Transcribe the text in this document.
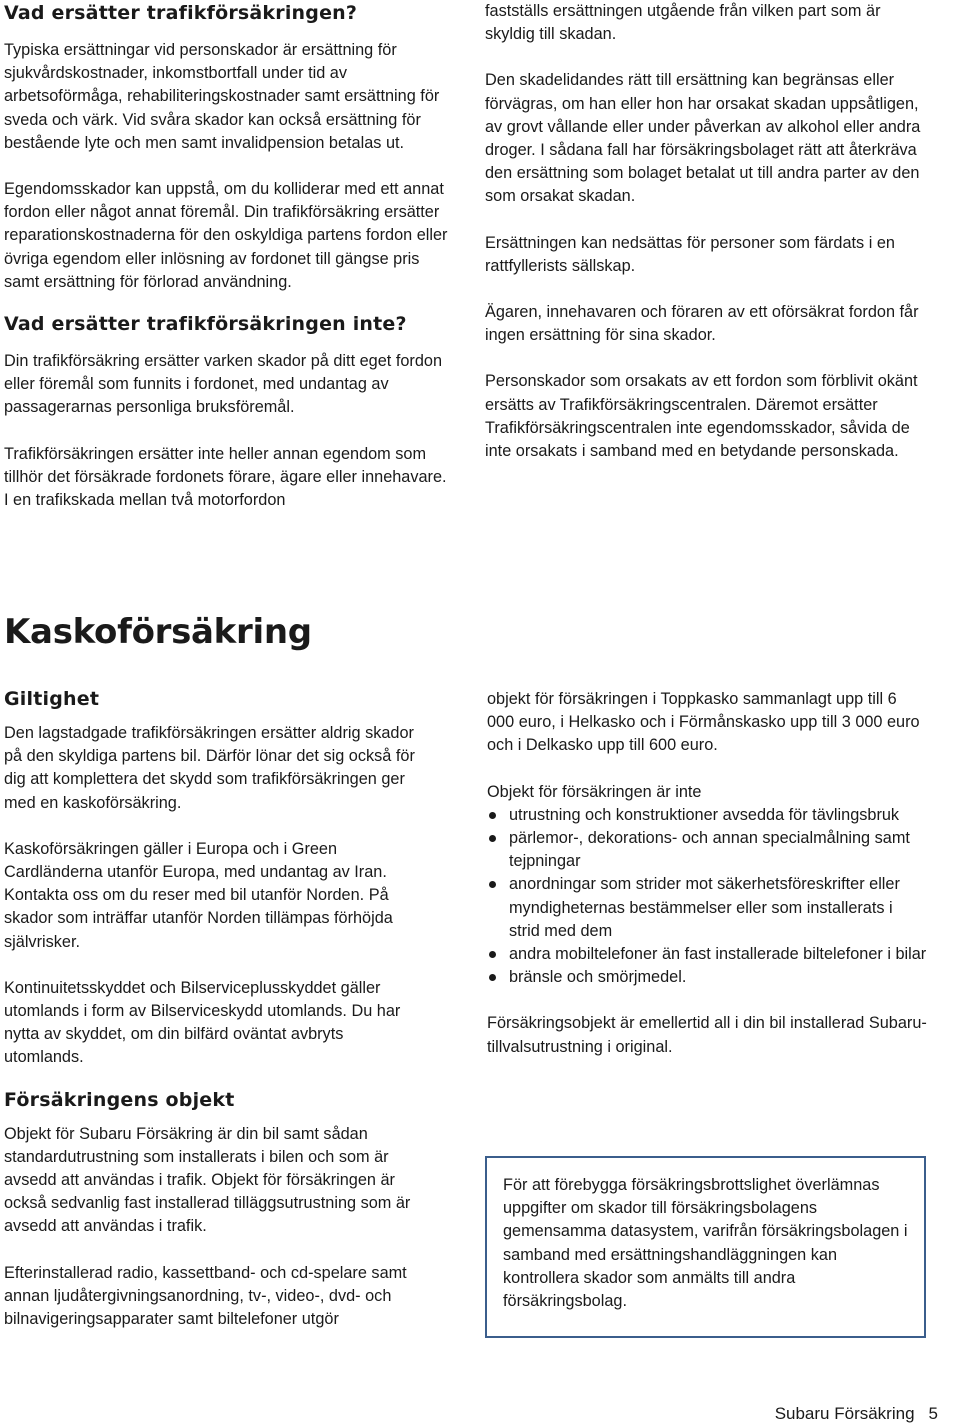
Vad ersätter trafikförsäkringen?

Typiska ersättningar vid personskador är ersättning för sjukvårdskostnader, inkomstbortfall under tid av arbetsoförmåga, rehabiliteringskostnader samt ersättning för sveda och värk. Vid svåra skador kan också ersättning för bestående lyte och men samt invalidpension betalas ut.

Egendomsskador kan uppstå, om du kolliderar med ett annat fordon eller något annat föremål. Din trafikförsäkring ersätter reparationskostnaderna för den oskyldiga partens fordon eller övriga egendom eller inlösning av fordonet till gängse pris samt ersättning för förlorad användning.

Vad ersätter trafikförsäkringen inte?

Din trafikförsäkring ersätter varken skador på ditt eget fordon eller föremål som funnits i fordonet, med undantag av passagerarnas personliga bruksföremål.

Trafikförsäkringen ersätter inte heller annan egendom som tillhör det försäkrade fordonets förare, ägare eller innehavare. I en trafikskada mellan två motorfordon

fastställs ersättningen utgående från vilken part som är skyldig till skadan.

Den skadelidandes rätt till ersättning kan begränsas eller förvägras, om han eller hon har orsakat skadan uppsåtligen, av grovt vållande eller under påverkan av alkohol eller andra droger. I sådana fall har försäkringsbolaget rätt att återkräva den ersättning som bolaget betalat ut till andra parter av den som orsakat skadan.

Ersättningen kan nedsättas för personer som färdats i en rattfyllerists sällskap.

Ägaren, innehavaren och föraren av ett oförsäkrat fordon får ingen ersättning för sina skador.

Personskador som orsakats av ett fordon som förblivit okänt ersätts av Trafikförsäkringscentralen. Däremot ersätter Trafikförsäkringscentralen inte egendomsskador, såvida de inte orsakats i samband med en betydande personskada.

Kaskoförsäkring
Giltighet

Den lagstadgade trafikförsäkringen ersätter aldrig skador på den skyldiga partens bil. Därför lönar det sig också för dig att komplettera det skydd som trafikförsäkringen ger med en kaskoförsäkring.

Kaskoförsäkringen gäller i Europa och i Green Cardländerna utanför Europa, med undantag av Iran. Kontakta oss om du reser med bil utanför Norden. På skador som inträffar utanför Norden tillämpas förhöjda självrisker.

Kontinuitetsskyddet och Bilserviceplusskyddet gäller utomlands i form av Bilserviceskydd utomlands. Du har nytta av skyddet, om din bilfärd oväntat avbryts utomlands.

Försäkringens objekt

Objekt för Subaru Försäkring är din bil samt sådan standardutrustning som installerats i bilen och som är avsedd att användas i trafik. Objekt för försäkringen är också sedvanlig fast installerad tilläggsutrustning som är avsedd att användas i trafik.

Efterinstallerad radio, kassettband- och cd-spelare samt annan ljudåtergivningsanordning, tv-, video-, dvd- och bilnavigeringsapparater samt biltelefoner utgör

objekt för försäkringen i Toppkasko sammanlagt upp till 6 000 euro, i Helkasko och i Förmånskasko upp till 3 000 euro och i Delkasko upp till 600 euro.

Objekt för försäkringen är inte

utrustning och konstruktioner avsedda för tävlingsbruk
pärlemor-, dekorations- och annan specialmålning samt tejpningar
anordningar som strider mot säkerhetsföreskrifter eller myndigheternas bestämmelser eller som installerats i strid med dem
andra mobiltelefoner än fast installerade biltelefoner i bilar
bränsle och smörjmedel.

Försäkringsobjekt är emellertid all i din bil installerad Subaru-tillvalsutrustning i original.

För att förebygga försäkringsbrottslighet överlämnas uppgifter om skador till försäkringsbolagens gemensamma datasystem, varifrån försäkringsbolagen i samband med ersättningshandläggningen kan kontrollera skador som anmälts till andra försäkringsbolag.

Subaru Försäkring 5
